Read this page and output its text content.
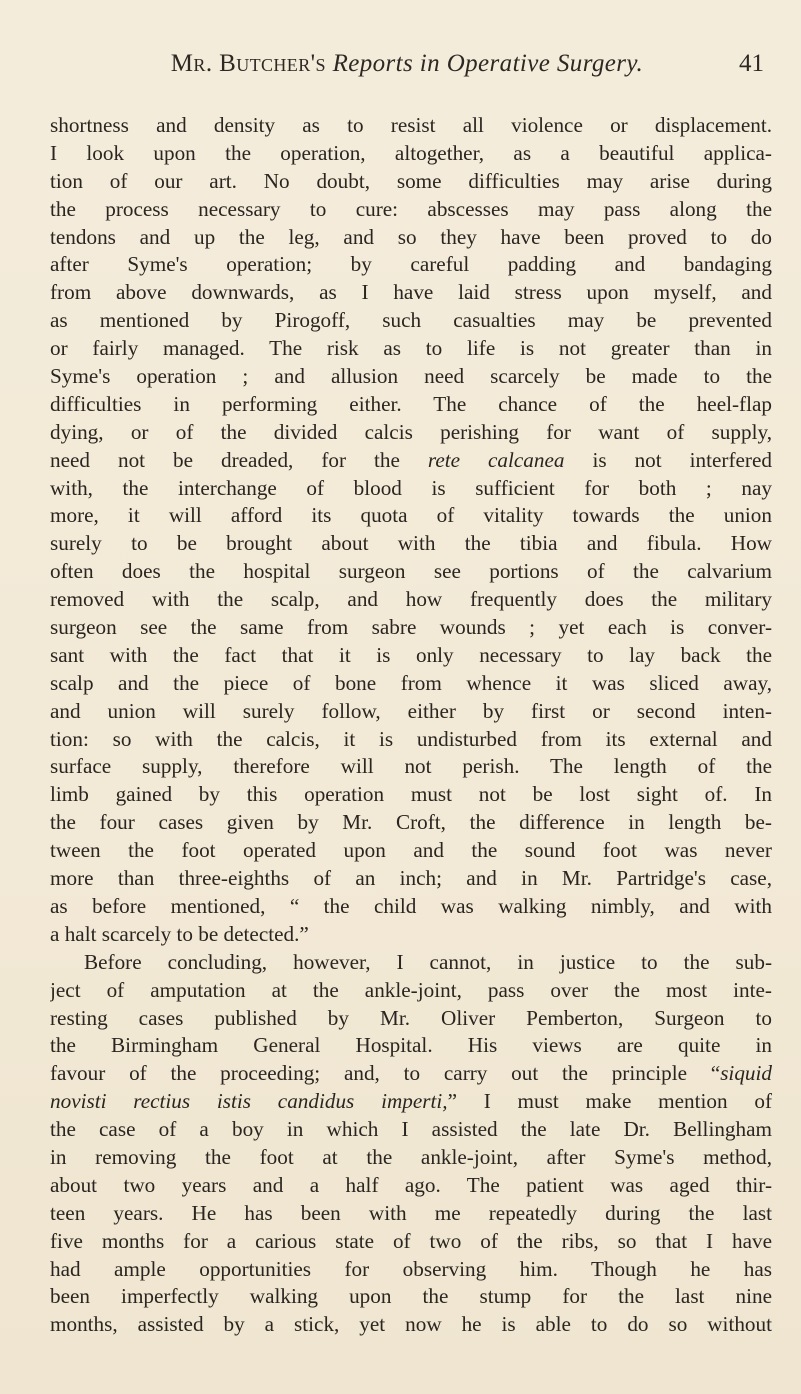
Mr. Butcher's Reports in Operative Surgery.	41
shortness and density as to resist all violence or displacement.
I look upon the operation, altogether, as a beautiful applica-
tion of our art. No doubt, some difficulties may arise during
the process necessary to cure: abscesses may pass along the
tendons and up the leg, and so they have been proved to do
after Syme's operation; by careful padding and bandaging
from above downwards, as I have laid stress upon myself, and
as mentioned by Pirogoff, such casualties may be prevented
or fairly managed. The risk as to life is not greater than in
Syme's operation ; and allusion need scarcely be made to the
difficulties in performing either. The chance of the heel-flap
dying, or of the divided calcis perishing for want of supply,
need not be dreaded, for the rete calcanea is not interfered
with, the interchange of blood is sufficient for both ; nay
more, it will afford its quota of vitality towards the union
surely to be brought about with the tibia and fibula. How
often does the hospital surgeon see portions of the calvarium
removed with the scalp, and how frequently does the military
surgeon see the same from sabre wounds ; yet each is conver-
sant with the fact that it is only necessary to lay back the
scalp and the piece of bone from whence it was sliced away,
and union will surely follow, either by first or second inten-
tion: so with the calcis, it is undisturbed from its external and
surface supply, therefore will not perish. The length of the
limb gained by this operation must not be lost sight of. In
the four cases given by Mr. Croft, the difference in length be-
tween the foot operated upon and the sound foot was never
more than three-eighths of an inch; and in Mr. Partridge's case,
as before mentioned, “ the child was walking nimbly, and with
a halt scarcely to be detected.”
Before concluding, however, I cannot, in justice to the sub-
ject of amputation at the ankle-joint, pass over the most inte-
resting cases published by Mr. Oliver Pemberton, Surgeon to
the Birmingham General Hospital. His views are quite in
favour of the proceeding; and, to carry out the principle “siquid
novisti rectius istis candidus imperti,” I must make mention of
the case of a boy in which I assisted the late Dr. Bellingham
in removing the foot at the ankle-joint, after Syme's method,
about two years and a half ago. The patient was aged thir-
teen years. He has been with me repeatedly during the last
five months for a carious state of two of the ribs, so that I have
had ample opportunities for observing him. Though he has
been imperfectly walking upon the stump for the last nine
months, assisted by a stick, yet now he is able to do so without
